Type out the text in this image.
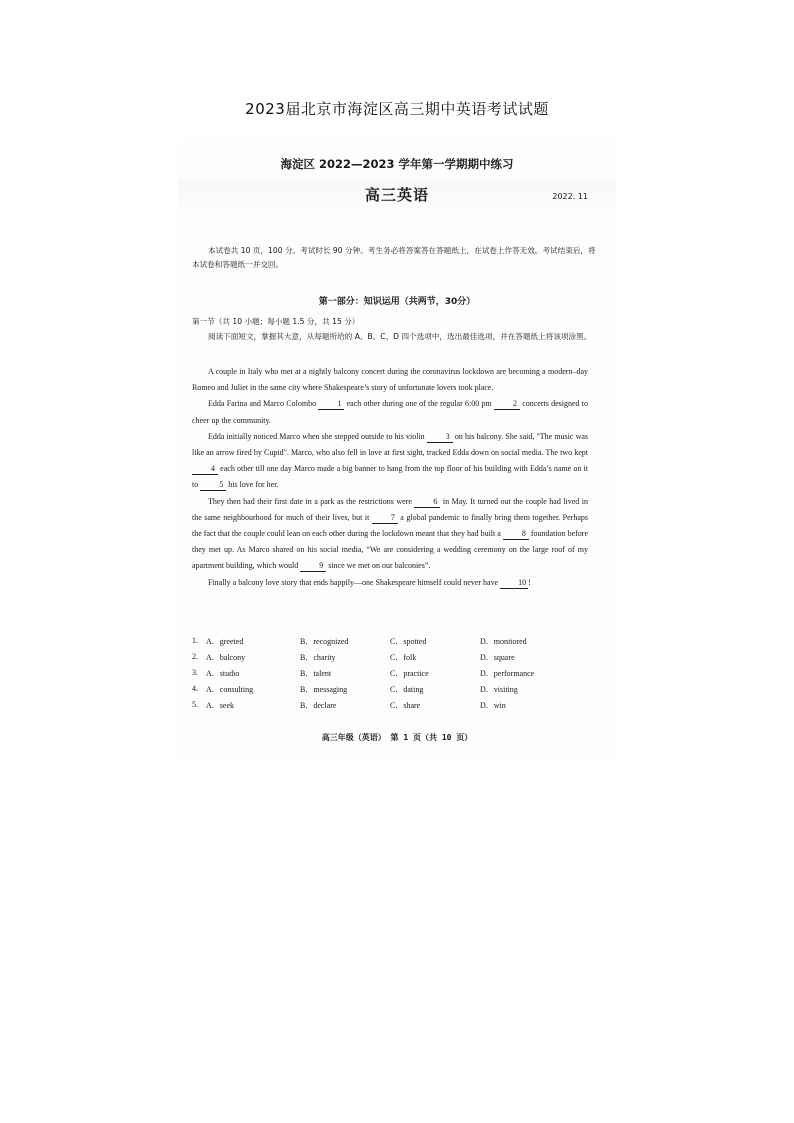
2023届北京市海淀区高三期中英语考试试题
海淀区 2022—2023 学年第一学期期中练习
高三英语	2022. 11

本试卷共 10 页，100 分。考试时长 90 分钟。考生务必将答案答在答题纸上，在试卷上作答无效。考试结束后，将本试卷和答题纸一并交回。

第一部分：知识运用（共两节，30分）
第一节（共 10 小题；每小题 1.5 分，共 15 分）

阅读下面短文，掌握其大意，从每题所给的 A、B、C、D 四个选项中，选出最佳选项，并在答题纸上将该项涂黑。

A couple in Italy who met at a nightly balcony concert during the coronavirus lockdown are becoming a modern–day Romeo and Juliet in the same city where Shakespeare’s story of unfortunate lovers took place.

Edda Farina and Marco Colombo 1 each other during one of the regular 6:00 pm 2 concerts designed to cheer up the community.

Edda initially noticed Marco when she stepped outside to his violin 3 on his balcony. She said, "The music was like an arrow fired by Cupid". Marco, who also fell in love at first sight, tracked Edda down on social media. The two kept 4 each other till one day Marco made a big banner to hang from the top floor of his building with Edda’s name on it to 5 his love for her.

They then had their first date in a park as the restrictions were 6 in May. It turned out the couple had lived in the same neighbourhood for much of their lives, but it 7 a global pandemic to finally bring them together. Perhaps the fact that the couple could lean on each other during the lockdown meant that they had built a 8 foundation before they met up. As Marco shared on his social media, “We are considering a wedding ceremony on the large roof of my apartment building, which would 9 since we met on our balconies”.

Finally a balcony love story that ends happily—one Shakespeare himself could never have 10 !

1. A．greeted	B．recognized	C．spotted	D．monitored
2. A．balcony	B．charity	C．folk	D．square
3. A．studio	B．talent	C．practice	D．performance
4. A．consulting	B．messaging	C．dating	D．visiting
5. A．seek	B．declare	C．share	D．win
高三年级（英语） 第 1 页（共 10 页）
